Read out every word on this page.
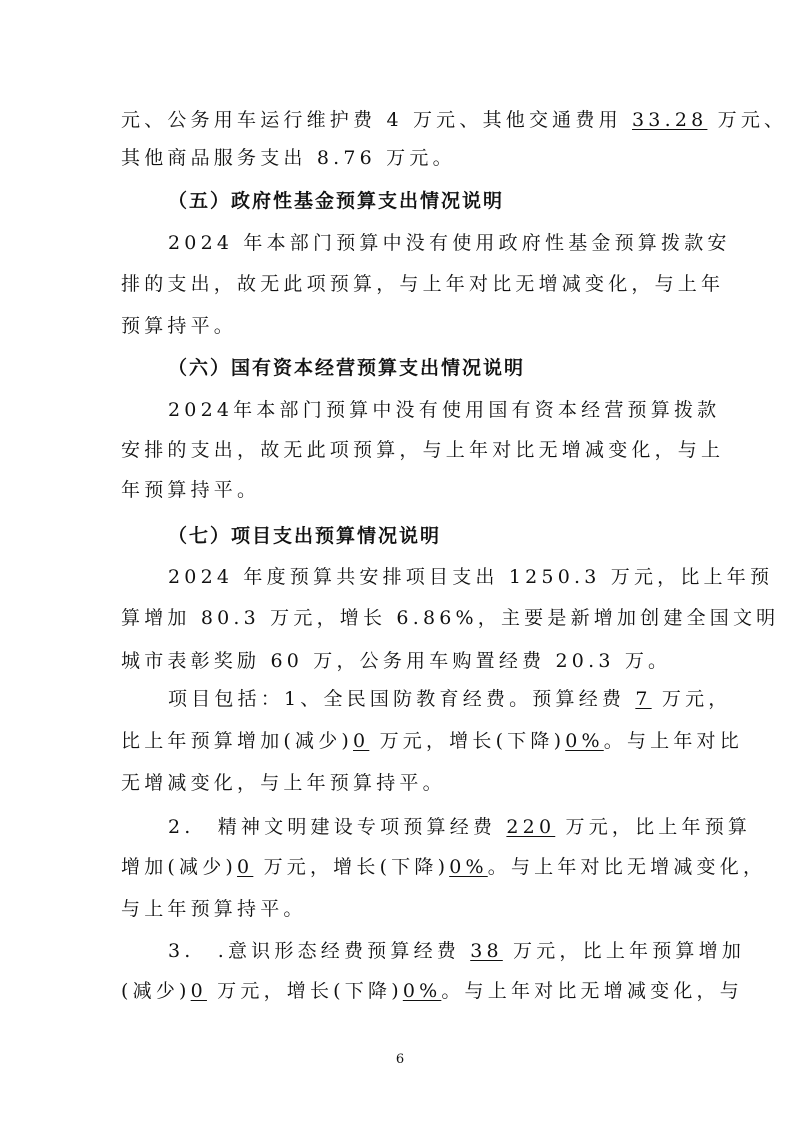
元、公务用车运行维护费 4 万元、其他交通费用 33.28 万元、
其他商品服务支出 8.76 万元。
（五）政府性基金预算支出情况说明
2024 年本部门预算中没有使用政府性基金预算拨款安
排的支出，故无此项预算，与上年对比无增减变化，与上年
预算持平。
（六）国有资本经营预算支出情况说明
2024年本部门预算中没有使用国有资本经营预算拨款
安排的支出，故无此项预算，与上年对比无增减变化，与上
年预算持平。
（七）项目支出预算情况说明
2024 年度预算共安排项目支出 1250.3 万元，比上年预
算增加 80.3 万元，增长 6.86%，主要是新增加创建全国文明
城市表彰奖励 60 万，公务用车购置经费 20.3 万。
项目包括：1、全民国防教育经费。预算经费 7 万元，
比上年预算增加(减少)0 万元，增长(下降)0%。与上年对比
无增减变化，与上年预算持平。
2.　精神文明建设专项预算经费 220 万元，比上年预算
增加(减少)0 万元，增长(下降)0%。与上年对比无增减变化，
与上年预算持平。
3.　.意识形态经费预算经费 38 万元，比上年预算增加
(减少)0 万元，增长(下降)0%。与上年对比无增减变化，与
6
